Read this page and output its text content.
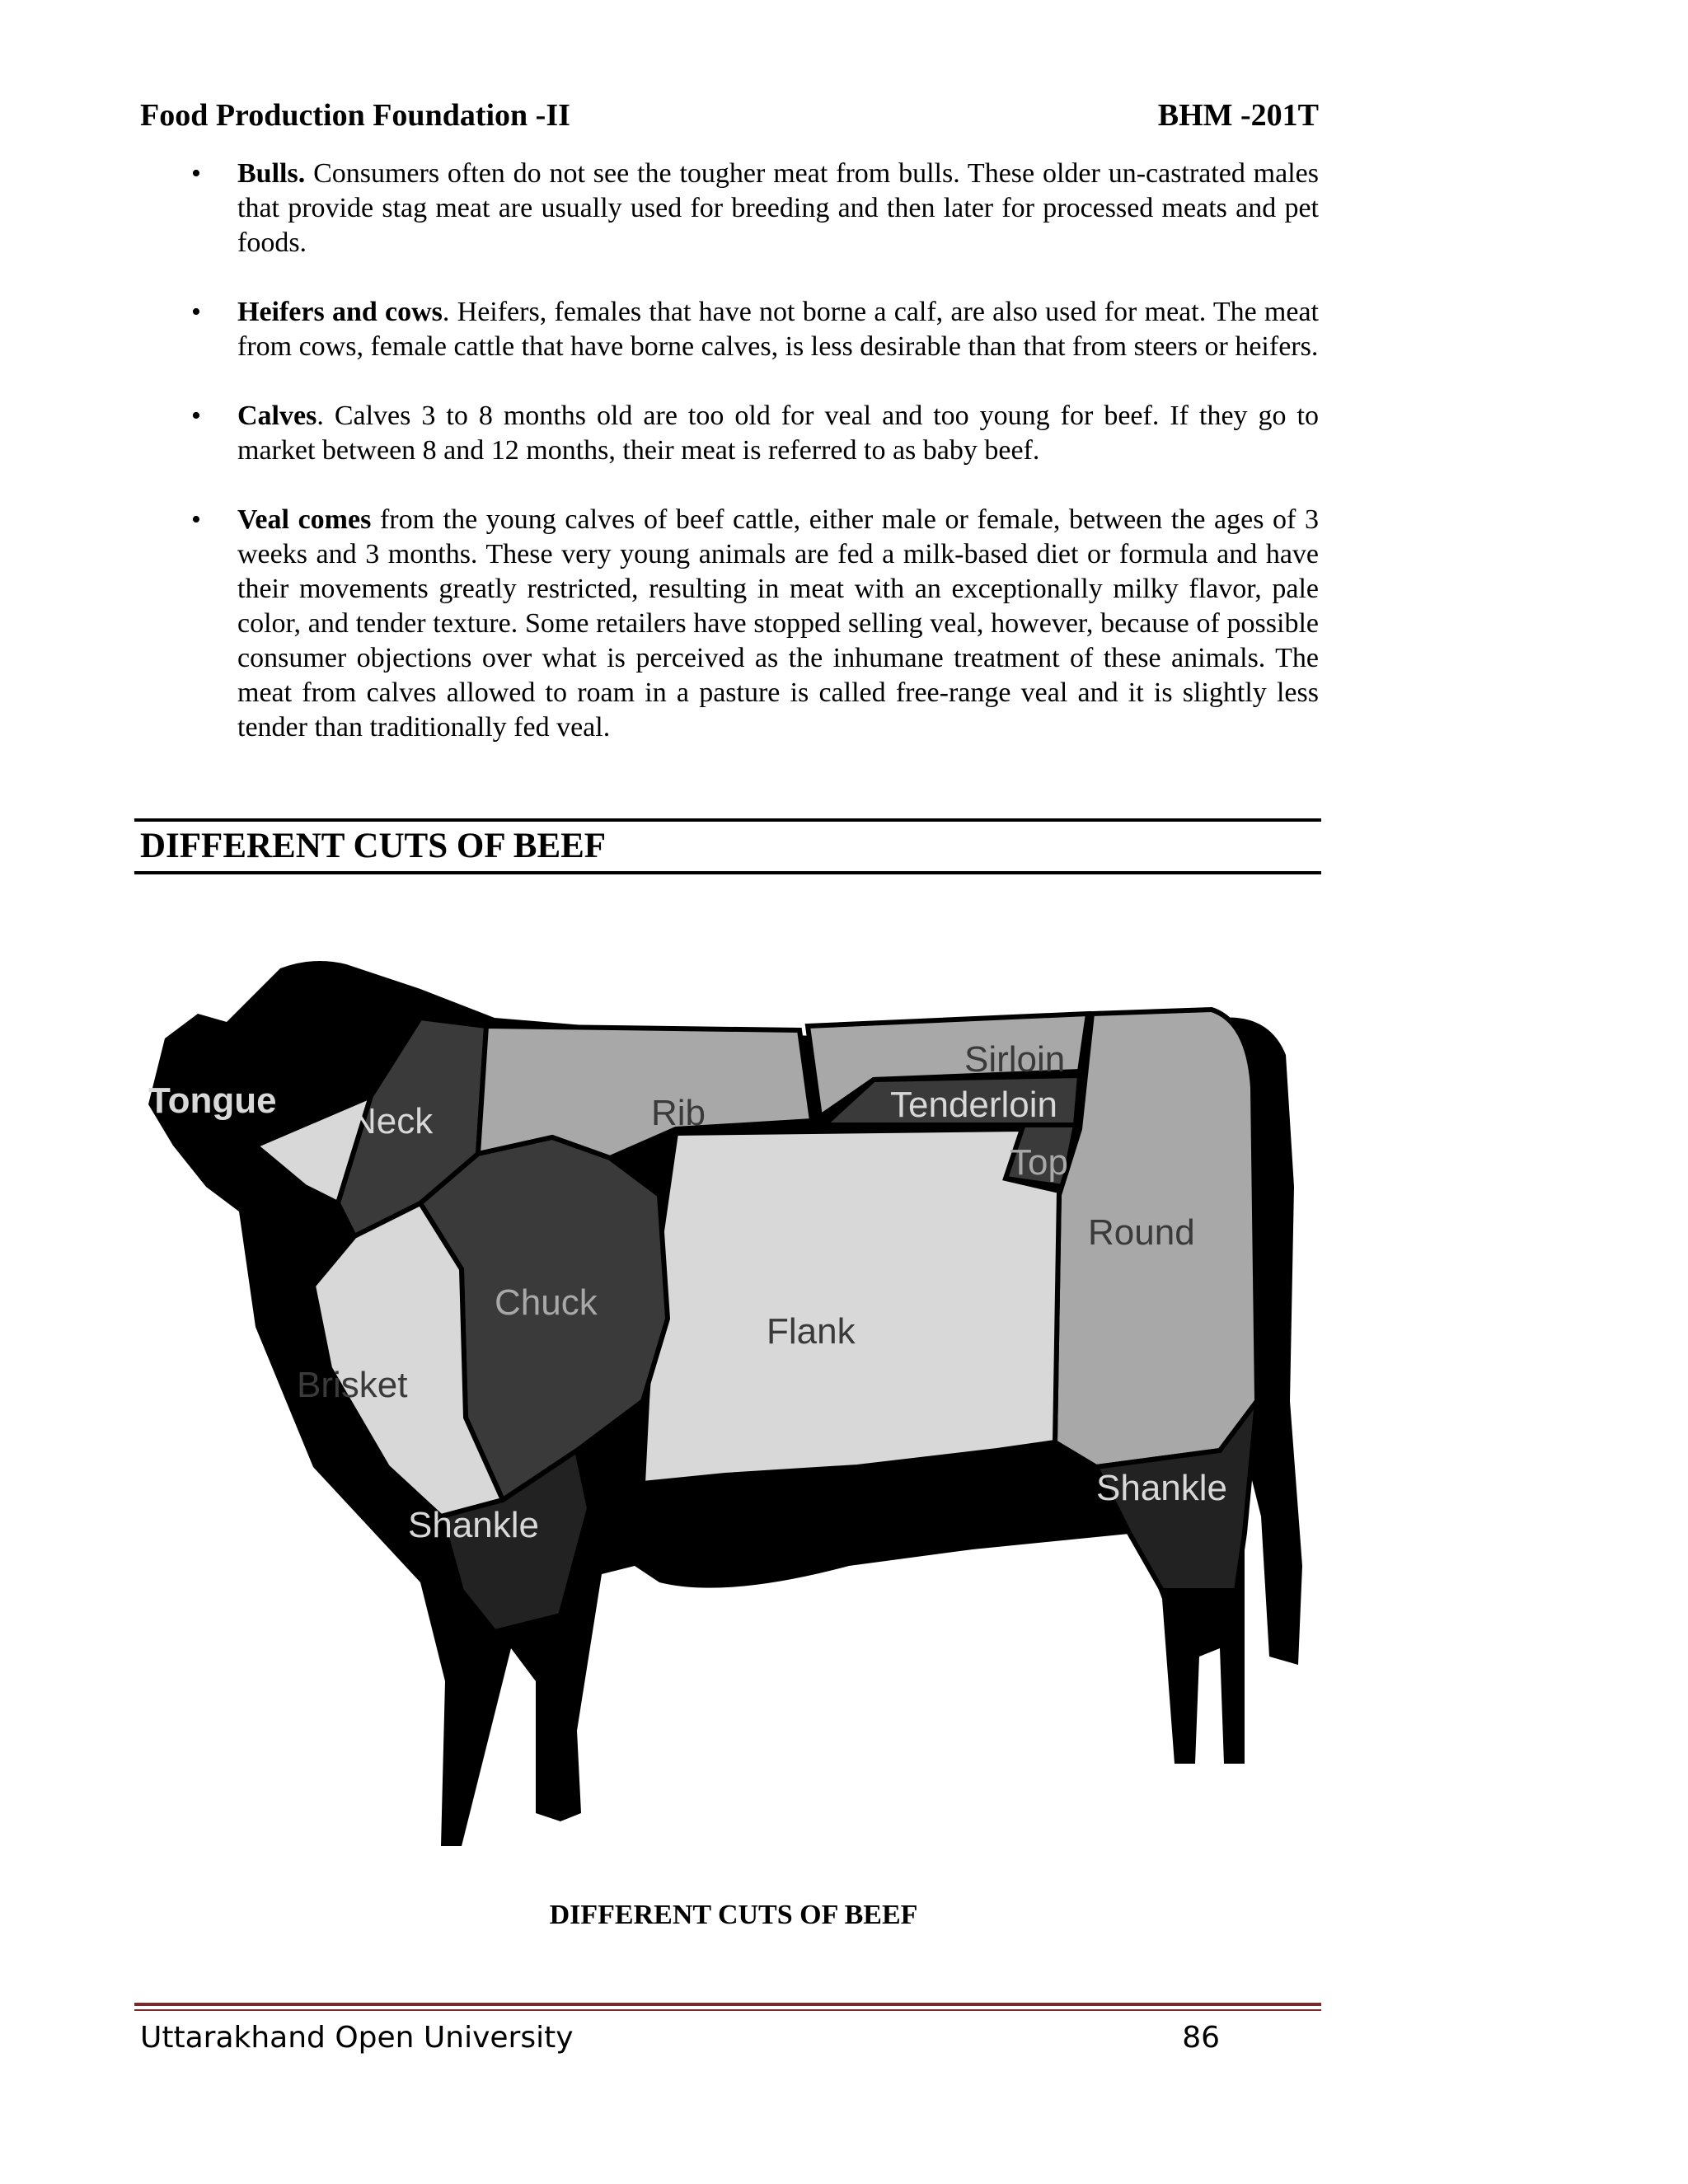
Food Production Foundation -II	BHM -201T
• Bulls. Consumers often do not see the tougher meat from bulls. These older un-castrated males that provide stag meat are usually used for breeding and then later for processed meats and pet foods.
• Heifers and cows. Heifers, females that have not borne a calf, are also used for meat. The meat from cows, female cattle that have borne calves, is less desirable than that from steers or heifers.
• Calves. Calves 3 to 8 months old are too old for veal and too young for beef. If they go to market between 8 and 12 months, their meat is referred to as baby beef.
• Veal comes from the young calves of beef cattle, either male or female, between the ages of 3 weeks and 3 months. These very young animals are fed a milk-based diet or formula and have their movements greatly restricted, resulting in meat with an exceptionally milky flavor, pale color, and tender texture. Some retailers have stopped selling veal, however, because of possible consumer objections over what is perceived as the inhumane treatment of these animals. The meat from calves allowed to roam in a pasture is called free-range veal and it is slightly less tender than traditionally fed veal.
DIFFERENT CUTS OF BEEF
Tongue
Neck	Rib
Sirloin
Tenderloin
Top
Round
Chuck
Flank
Brisket
Shankle
Shankle
DIFFERENT CUTS OF BEEF
Uttarakhand Open University	86
